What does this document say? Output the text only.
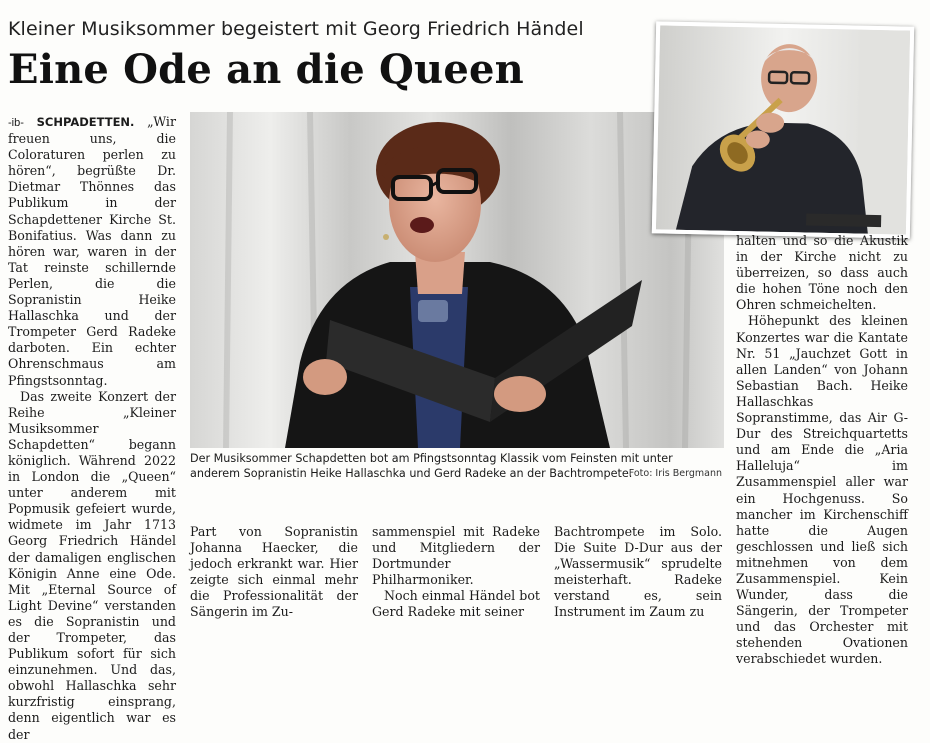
Kleiner Musiksommer begeistert mit Georg Friedrich Händel
Eine Ode an die Queen

-ib- SCHPADETTEN. „Wir freuen uns, die Coloraturen perlen zu hören“, begrüßte Dr. Dietmar Thönnes das Publikum in der Schapdettener Kirche St. Bonifatius. Was dann zu hören war, waren in der Tat reinste schillernde Perlen, die die Sopranistin Heike Hallaschka und der Trompeter Gerd Radeke darboten. Ein echter Ohrenschmaus am Pfingstsonntag.

Das zweite Konzert der Reihe „Kleiner Musiksommer Schapdetten“ begann königlich. Während 2022 in London die „Queen“ unter anderem mit Popmusik gefeiert wurde, widmete im Jahr 1713 Georg Friedrich Händel der damaligen englischen Königin Anne eine Ode. Mit „Eternal Source of Light Devine“ verstanden es die Sopranistin und der Trompeter, das Publikum sofort für sich einzunehmen. Und das, obwohl Hallaschka sehr kurzfristig einsprang, denn eigentlich war es der

Der Musiksommer Schapdetten bot am Pfingstsonntag Klassik vom Feinsten mit unter anderem Sopranistin Heike Hallaschka und Gerd Radeke an der Bachtrompete.
Foto: Iris Bergmann

Part von Sopranistin Johanna Haecker, die jedoch erkrankt war. Hier zeigte sich einmal mehr die Professionalität der Sängerin im Zu-

sammenspiel mit Radeke und Mitgliedern der Dortmunder Philharmoniker.

Noch einmal Händel bot Gerd Radeke mit seiner

Bachtrompete im Solo. Die Suite D-Dur aus der „Wassermusik“ sprudelte meisterhaft. Radeke verstand es, sein Instrument im Zaum zu

halten und so die Akustik in der Kirche nicht zu überreizen, so dass auch die hohen Töne noch den Ohren schmeichelten.

Höhepunkt des kleinen Konzertes war die Kantate Nr. 51 „Jauchzet Gott in allen Landen“ von Johann Sebastian Bach. Heike Hallaschkas Sopranstimme, das Air G-Dur des Streichquartetts und am Ende die „Aria Halleluja“ im Zusammenspiel aller war ein Hochgenuss. So mancher im Kirchenschiff hatte die Augen geschlossen und ließ sich mitnehmen von dem Zusammenspiel. Kein Wunder, dass die Sängerin, der Trompeter und das Orchester mit stehenden Ovationen verabschiedet wurden.
